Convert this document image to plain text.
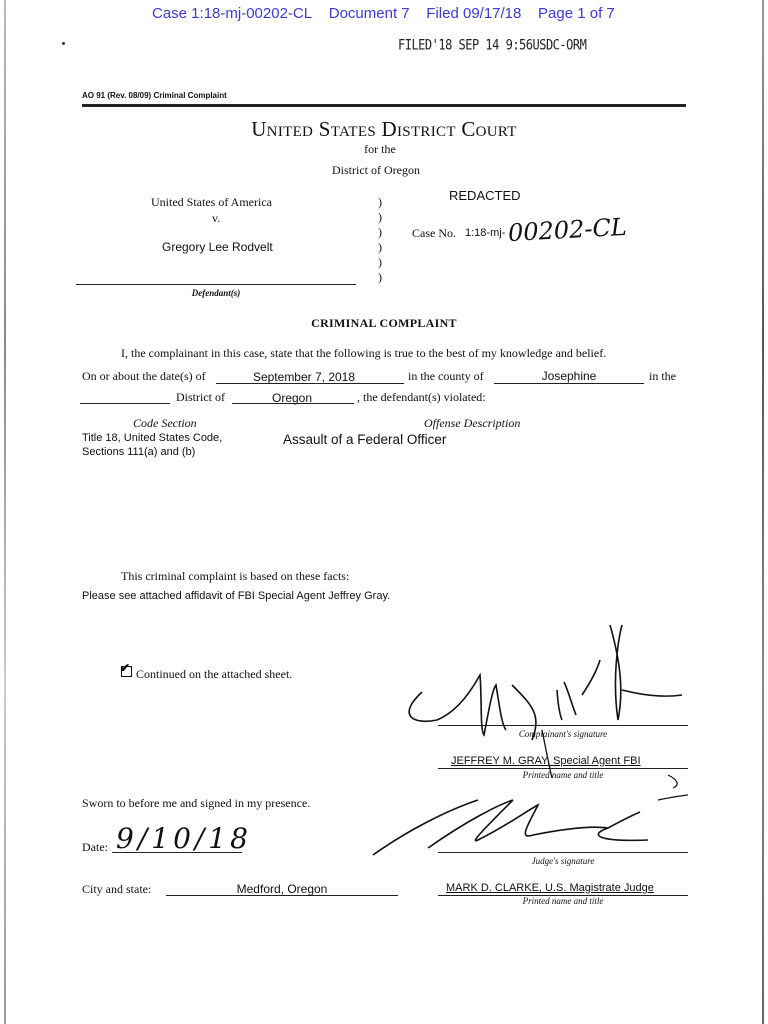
Case 1:18-mj-00202-CL Document 7 Filed 09/17/18 Page 1 of 7
FILED'18 SEP 14 9:56USDC-ORM
AO 91 (Rev. 08/09) Criminal Complaint
United States District Court
for the
District of Oregon
United States of America
v.
Gregory Lee Rodvelt
Defendant(s)
)
)
)
)
)
)
REDACTED
Case No. 1:18-mj- 00202-CL
CRIMINAL COMPLAINT
I, the complainant in this case, state that the following is true to the best of my knowledge and belief.
On or about the date(s) of	September 7, 2018	in the county of	Josephine	in the
District of	Oregon	, the defendant(s) violated:
Code Section	Offense Description
Title 18, United States Code,
Sections 111(a) and (b)
Assault of a Federal Officer
This criminal complaint is based on these facts:
Please see attached affidavit of FBI Special Agent Jeffrey Gray.
✔ Continued on the attached sheet.
Complainant's signature
JEFFREY M. GRAY, Special Agent FBI
Printed name and title
Sworn to before me and signed in my presence.
Date: 9/10/18
Judge's signature
City and state:	Medford, Oregon	MARK D. CLARKE, U.S. Magistrate Judge
Printed name and title
